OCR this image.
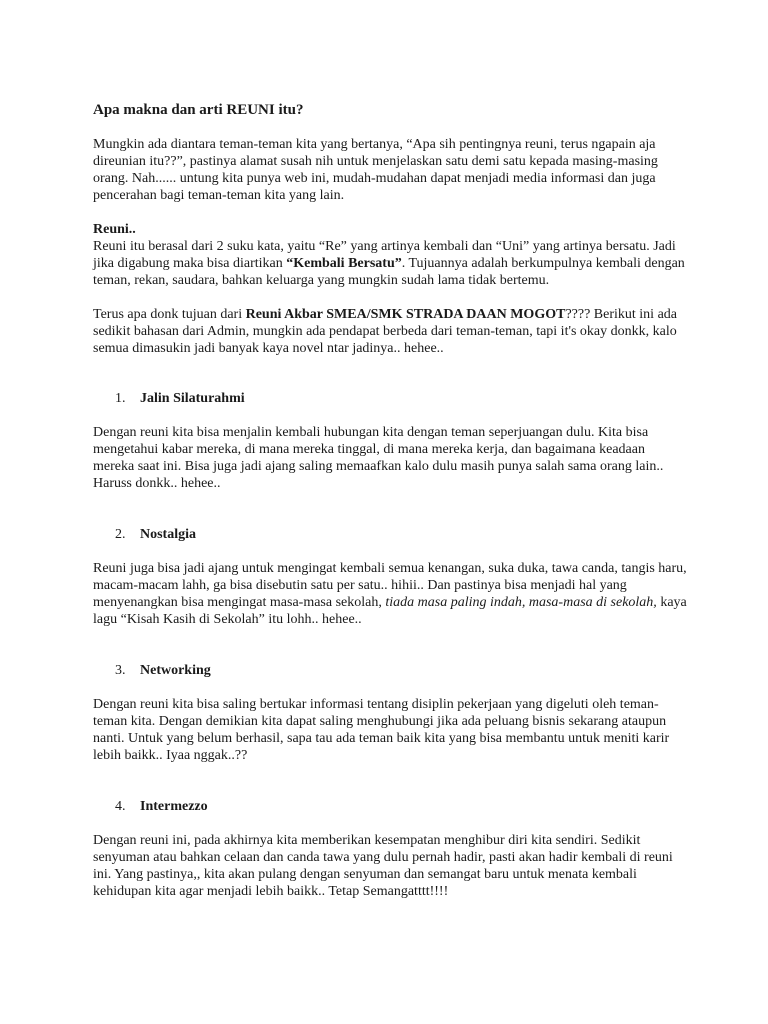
Apa makna dan arti REUNI itu?

Mungkin ada diantara teman-teman kita yang bertanya, “Apa sih pentingnya reuni, terus ngapain aja direunian itu??”, pastinya alamat susah nih untuk menjelaskan satu demi satu kepada masing-masing orang. Nah...... untung kita punya web ini, mudah-mudahan dapat menjadi media informasi dan juga pencerahan bagi teman-teman kita yang lain.

Reuni..

Reuni itu berasal dari 2 suku kata, yaitu “Re” yang artinya kembali dan “Uni” yang artinya bersatu. Jadi jika digabung maka bisa diartikan “Kembali Bersatu”. Tujuannya adalah berkumpulnya kembali dengan teman, rekan, saudara, bahkan keluarga yang mungkin sudah lama tidak bertemu.

Terus apa donk tujuan dari Reuni Akbar SMEA/SMK STRADA DAAN MOGOT???? Berikut ini ada sedikit bahasan dari Admin, mungkin ada pendapat berbeda dari teman-teman, tapi it's okay donkk, kalo semua dimasukin jadi banyak kaya novel ntar jadinya.. hehee..

1.	Jalin Silaturahmi

Dengan reuni kita bisa menjalin kembali hubungan kita dengan teman seperjuangan dulu. Kita bisa mengetahui kabar mereka, di mana mereka tinggal, di mana mereka kerja, dan bagaimana keadaan mereka saat ini. Bisa juga jadi ajang saling memaafkan kalo dulu masih punya salah sama orang lain.. Haruss donkk.. hehee..

2.	Nostalgia

Reuni juga bisa jadi ajang untuk mengingat kembali semua kenangan, suka duka, tawa canda, tangis haru, macam-macam lahh, ga bisa disebutin satu per satu.. hihii.. Dan pastinya bisa menjadi hal yang menyenangkan bisa mengingat masa-masa sekolah, tiada masa paling indah, masa-masa di sekolah, kaya lagu “Kisah Kasih di Sekolah” itu lohh.. hehee..

3.	Networking

Dengan reuni kita bisa saling bertukar informasi tentang disiplin pekerjaan yang digeluti oleh teman-teman kita. Dengan demikian kita dapat saling menghubungi jika ada peluang bisnis sekarang ataupun nanti. Untuk yang belum berhasil, sapa tau ada teman baik kita yang bisa membantu untuk meniti karir lebih baikk.. Iyaa nggak..??

4.	Intermezzo

Dengan reuni ini, pada akhirnya kita memberikan kesempatan menghibur diri kita sendiri. Sedikit senyuman atau bahkan celaan dan canda tawa yang dulu pernah hadir, pasti akan hadir kembali di reuni ini. Yang pastinya,, kita akan pulang dengan senyuman dan semangat baru untuk menata kembali kehidupan kita agar menjadi lebih baikk.. Tetap Semangatttt!!!!
